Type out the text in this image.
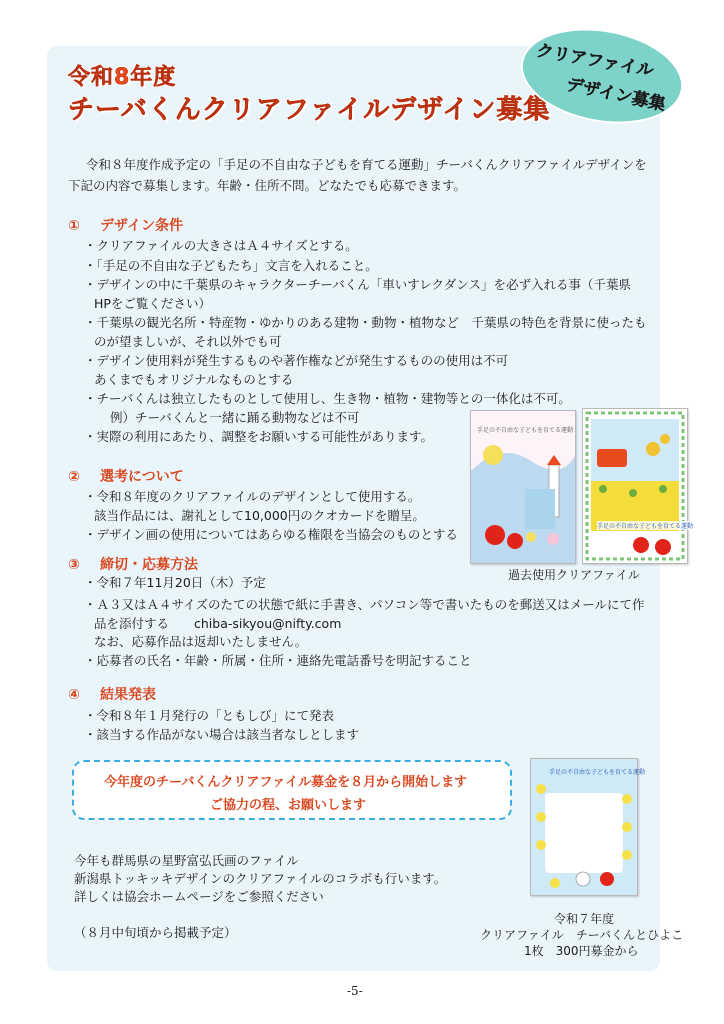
令和8年度
チーバくんクリアファイルデザイン募集
クリアファイル
デザイン募集
令和８年度作成予定の「手足の不自由な子どもを育てる運動」チーバくんクリアファイルデザインを
下記の内容で募集します。年齢・住所不問。どなたでも応募できます。
① デザイン条件
・クリアファイルの大きさはＡ４サイズとする。
・「手足の不自由な子どもたち」文言を入れること。
・デザインの中に千葉県のキャラクターチーバくん「車いすレクダンス」を必ず入れる事（千葉県
HPをご覧ください）
・千葉県の観光名所・特産物・ゆかりのある建物・動物・植物など　千葉県の特色を背景に使ったも
のが望ましいが、それ以外でも可
・デザイン使用料が発生するものや著作権などが発生するものの使用は不可
あくまでもオリジナルなものとする
・チーバくんは独立したものとして使用し、生き物・植物・建物等との一体化は不可。
例）チーバくんと一緒に踊る動物などは不可
・実際の利用にあたり、調整をお願いする可能性があります。
② 選考について
・令和８年度のクリアファイルのデザインとして使用する。
該当作品には、謝礼として10,000円のクオカードを贈呈。
・デザイン画の使用についてはあらゆる権限を当協会のものとする
手足の不自由な子どもを育てる運動
手足の不自由な子どもを育てる運動
過去使用クリアファイル
③ 締切・応募方法
・令和７年11月20日（木）予定
・Ａ３又はＡ４サイズのたての状態で紙に手書き、パソコン等で書いたものを郵送又はメールにて作
品を添付する　　chiba-sikyou@nifty.com
なお、応募作品は返却いたしません。
・応募者の氏名・年齢・所属・住所・連絡先電話番号を明記すること
④ 結果発表
・令和８年１月発行の「ともしび」にて発表
・該当する作品がない場合は該当者なしとします
今年度のチーバくんクリアファイル募金を８月から開始します
ご協力の程、お願いします
今年も群馬県の星野富弘氏画のファイル
新潟県トッキッキデザインのクリアファイルのコラボも行います。
詳しくは協会ホームページをご参照ください
（８月中旬頃から掲載予定）
手足の不自由な子どもを育てる運動
令和７年度
クリアファイル　チーバくんとひよこ
1枚　300円募金から
-5-
